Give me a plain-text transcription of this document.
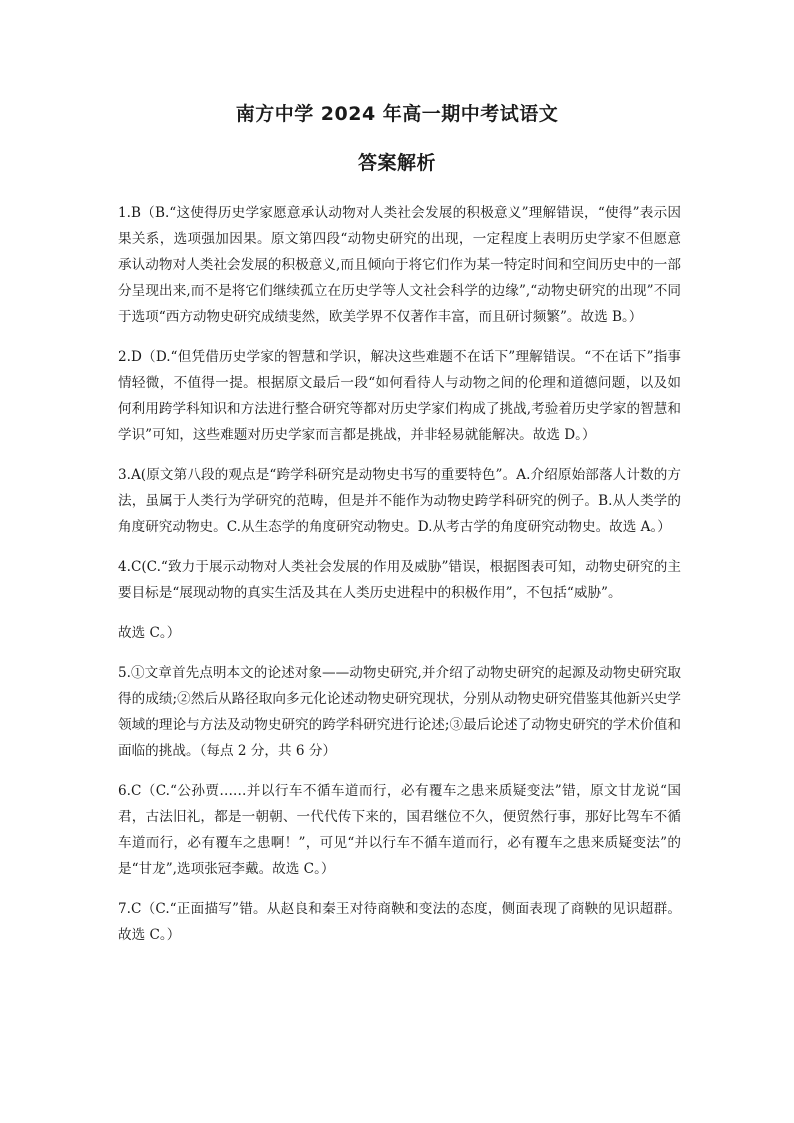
南方中学 2024 年高一期中考试语文
答案解析

1.B（B.“这使得历史学家愿意承认动物对人类社会发展的积极意义”理解错误，“使得”表示因果关系，选项强加因果。原文第四段“动物史研究的出现，一定程度上表明历史学家不但愿意承认动物对人类社会发展的积极意义,而且倾向于将它们作为某一特定时间和空间历史中的一部分呈现出来,而不是将它们继续孤立在历史学等人文社会科学的边缘”,“动物史研究的出现”不同于选项“西方动物史研究成绩斐然，欧美学界不仅著作丰富，而且研讨频繁”。故选 B。）

2.D（D.“但凭借历史学家的智慧和学识，解决这些难题不在话下”理解错误。“不在话下”指事情轻微，不值得一提。根据原文最后一段“如何看待人与动物之间的伦理和道德问题，以及如何利用跨学科知识和方法进行整合研究等都对历史学家们构成了挑战,考验着历史学家的智慧和学识”可知，这些难题对历史学家而言都是挑战，并非轻易就能解决。故选 D。）

3.A(原文第八段的观点是“跨学科研究是动物史书写的重要特色”。A.介绍原始部落人计数的方法，虽属于人类行为学研究的范畴，但是并不能作为动物史跨学科研究的例子。B.从人类学的角度研究动物史。C.从生态学的角度研究动物史。D.从考古学的角度研究动物史。故选 A。）

4.C(C.“致力于展示动物对人类社会发展的作用及威胁”错误，根据图表可知，动物史研究的主要目标是“展现动物的真实生活及其在人类历史进程中的积极作用”，不包括“威胁”。

故选 C。）

5.①文章首先点明本文的论述对象——动物史研究,并介绍了动物史研究的起源及动物史研究取得的成绩;②然后从路径取向多元化论述动物史研究现状，分别从动物史研究借鉴其他新兴史学领域的理论与方法及动物史研究的跨学科研究进行论述;③最后论述了动物史研究的学术价值和面临的挑战。（每点 2 分，共 6 分）

6.C（C.“公孙贾……并以行车不循车道而行，必有覆车之患来质疑变法”错，原文甘龙说“国君，古法旧礼，都是一朝朝、一代代传下来的，国君继位不久，便贸然行事，那好比驾车不循车道而行，必有覆车之患啊！”，可见“并以行车不循车道而行，必有覆车之患来质疑变法”的是“甘龙”,选项张冠李戴。故选 C。）

7.C（C.“正面描写”错。从赵良和秦王对待商鞅和变法的态度，侧面表现了商鞅的见识超群。故选 C。）
